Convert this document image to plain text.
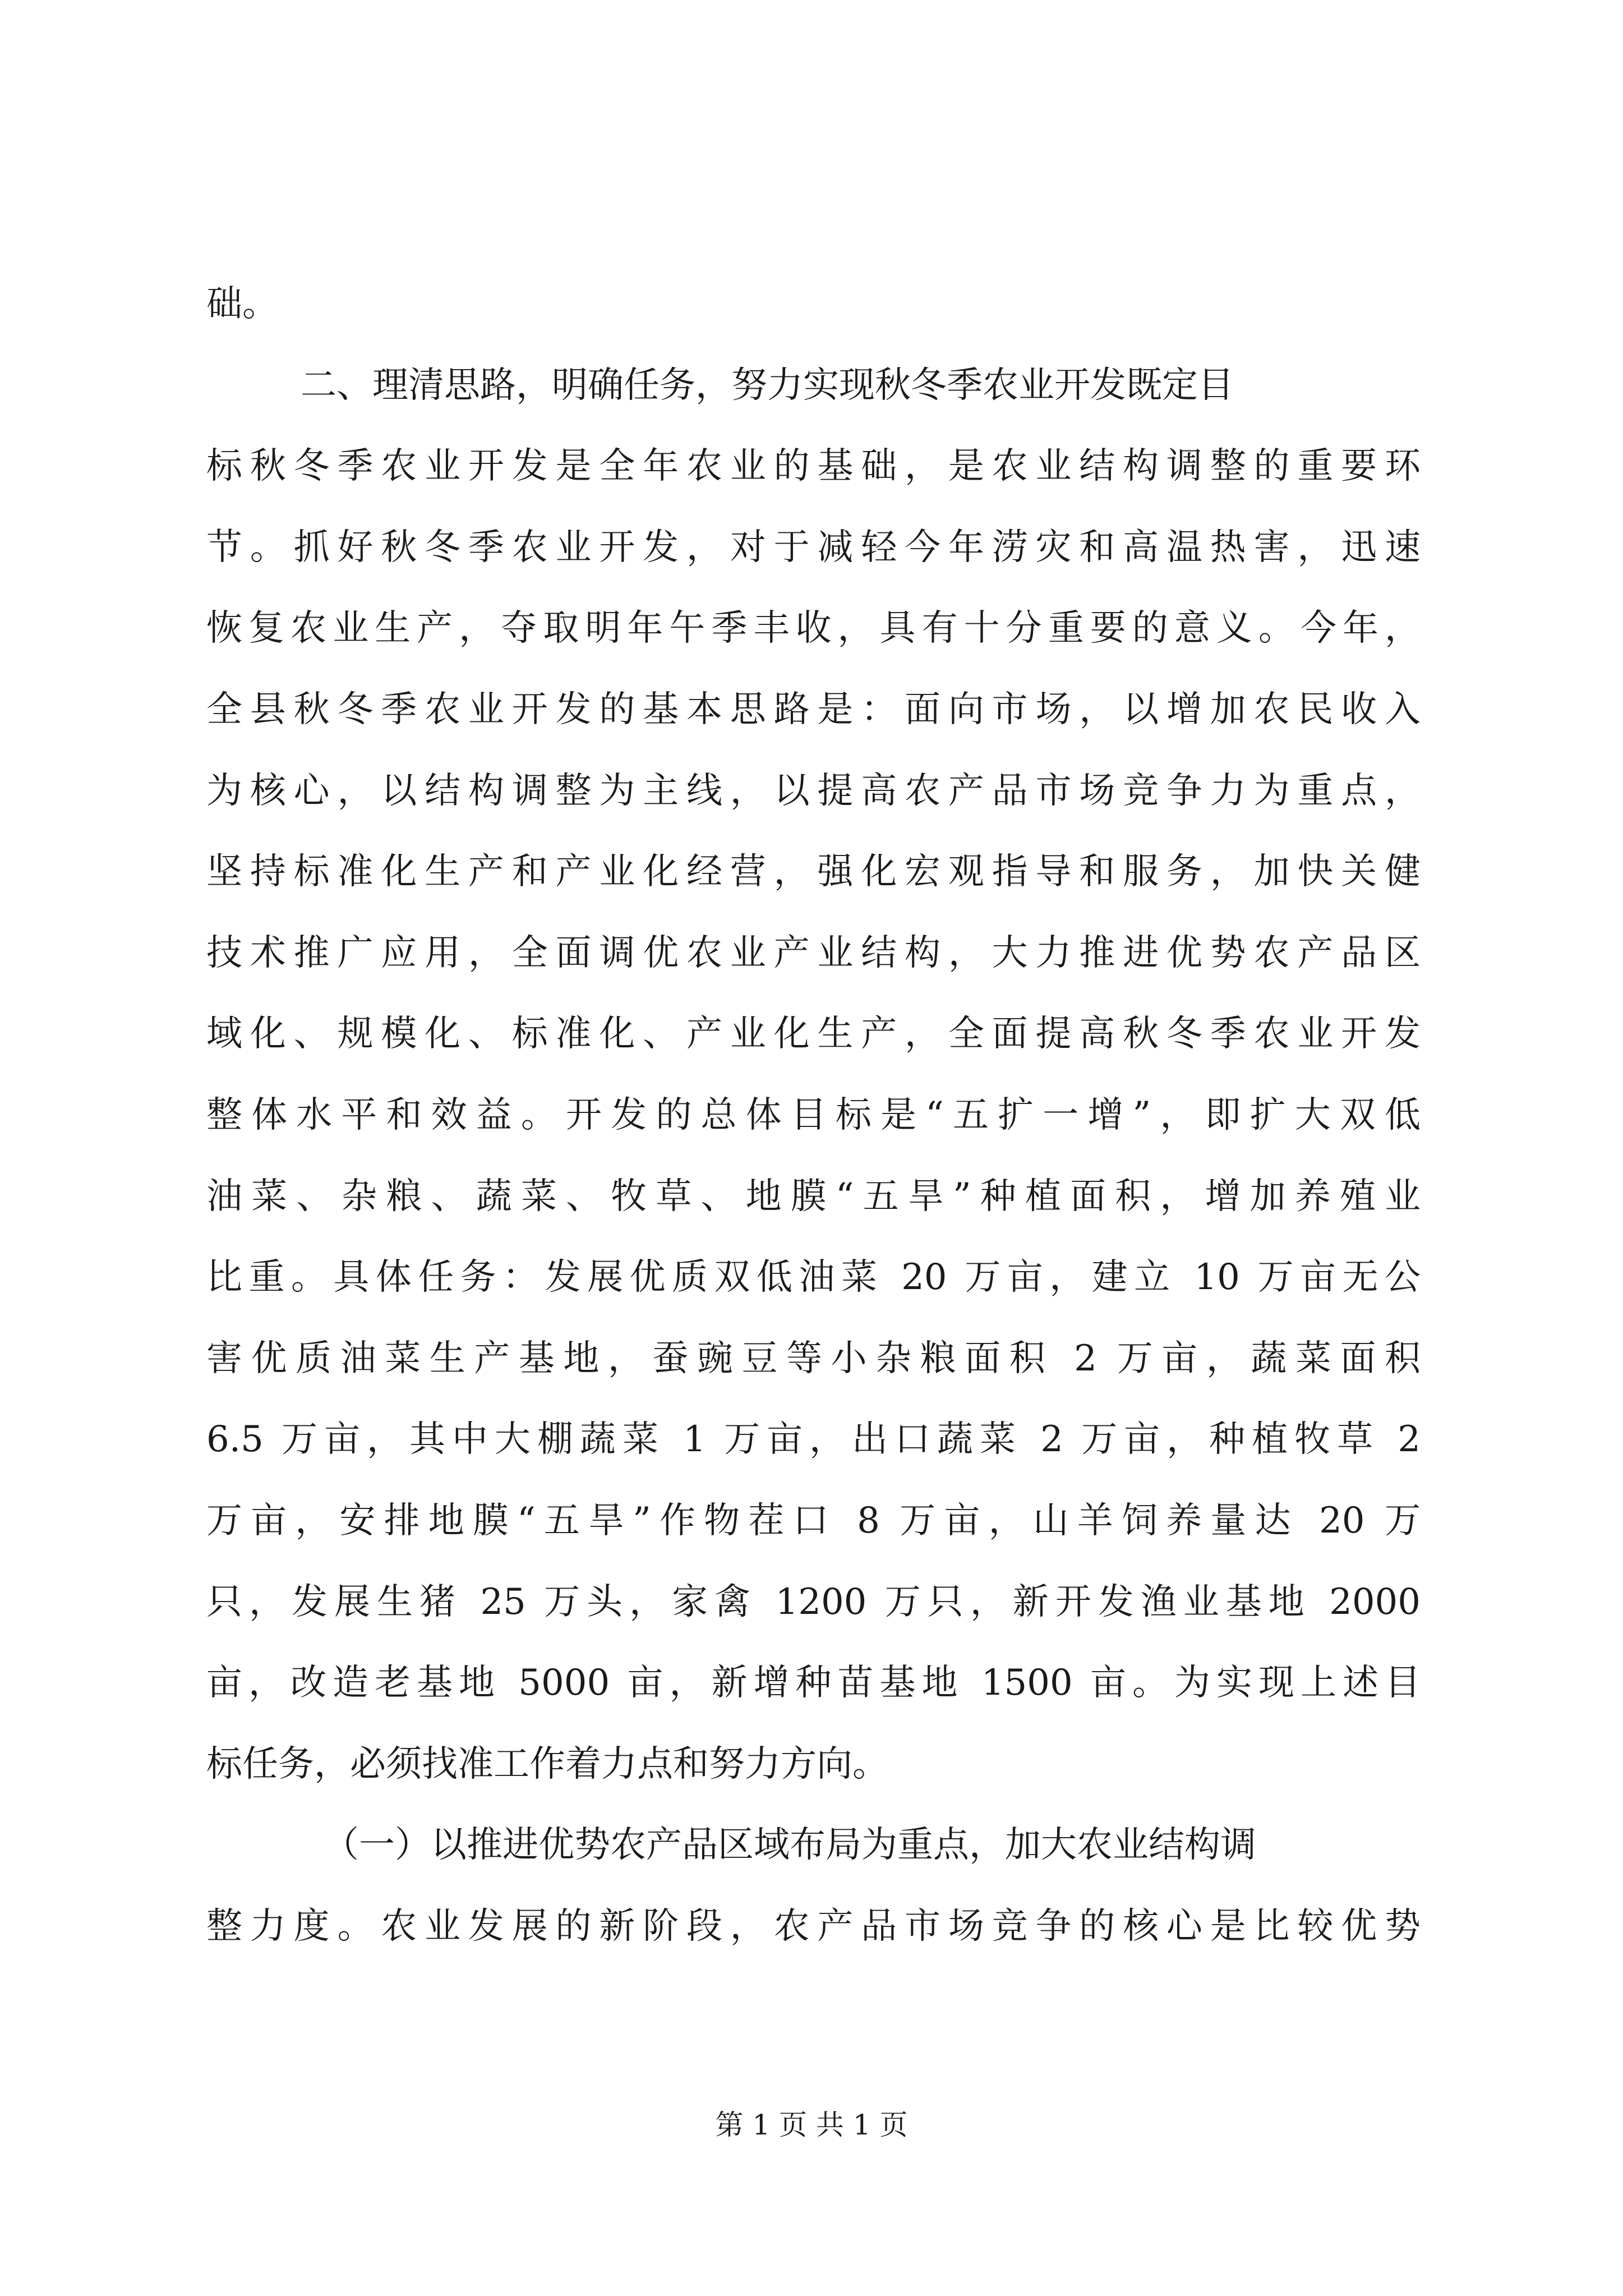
础。
二、理清思路，明确任务，努力实现秋冬季农业开发既定目
标秋冬季农业开发是全年农业的基础，是农业结构调整的重要环
节。抓好秋冬季农业开发，对于减轻今年涝灾和高温热害，迅速
恢复农业生产，夺取明年午季丰收，具有十分重要的意义。今年，
全县秋冬季农业开发的基本思路是：面向市场，以增加农民收入
为核心，以结构调整为主线，以提高农产品市场竞争力为重点，
坚持标准化生产和产业化经营，强化宏观指导和服务，加快关健
技术推广应用，全面调优农业产业结构，大力推进优势农产品区
域化、规模化、标准化、产业化生产，全面提高秋冬季农业开发
整体水平和效益。开发的总体目标是“五扩一增”，即扩大双低
油菜、杂粮、蔬菜、牧草、地膜“五旱”种植面积，增加养殖业
比重。具体任务：发展优质双低油菜 20 万亩，建立 10 万亩无公
害优质油菜生产基地，蚕豌豆等小杂粮面积 2 万亩，蔬菜面积
6.5 万亩，其中大棚蔬菜 1 万亩，出口蔬菜 2 万亩，种植牧草 2
万亩，安排地膜“五旱”作物茬口 8 万亩，山羊饲养量达 20 万
只，发展生猪 25 万头，家禽 1200 万只，新开发渔业基地 2000
亩，改造老基地 5000 亩，新增种苗基地 1500 亩。为实现上述目
标任务，必须找准工作着力点和努力方向。
（一）以推进优势农产品区域布局为重点，加大农业结构调
整力度。农业发展的新阶段，农产品市场竞争的核心是比较优势
第 1 页 共 1 页
